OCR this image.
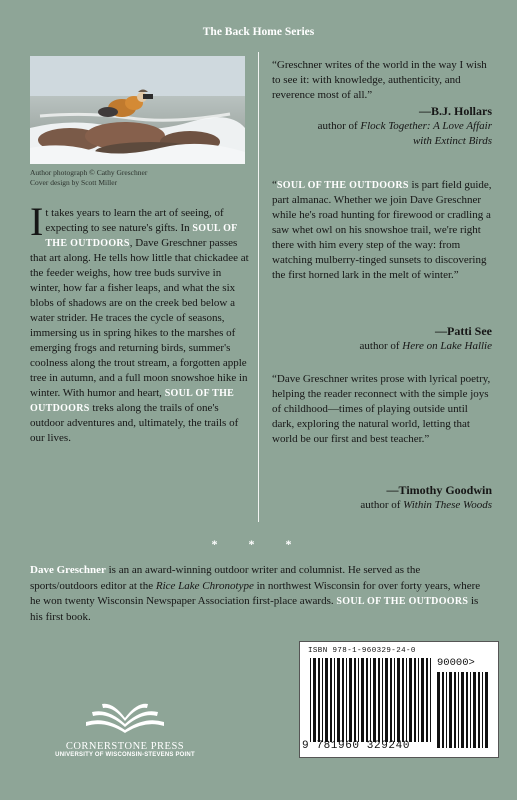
The Back Home Series
Author photograph © Cathy Greschner
Cover design by Scott Miller

It takes years to learn the art of seeing, of expecting to see nature's gifts. In SOUL OF THE OUTDOORS, Dave Greschner passes that art along. He tells how little that chickadee at the feeder weighs, how tree buds survive in winter, how far a fisher leaps, and what the six blobs of shadows are on the creek bed below a water strider. He traces the cycle of seasons, immersing us in spring hikes to the marshes of emerging frogs and returning birds, summer's coolness along the trout stream, a forgotten apple tree in autumn, and a full moon snowshoe hike in winter. With humor and heart, SOUL OF THE OUTDOORS treks along the trails of one's outdoor adventures and, ultimately, the trails of our lives.

“Greschner writes of the world in the way I wish to see it: with knowledge, authenticity, and reverence most of all.”

—B.J. Hollars
author of Flock Together: A Love Affair with Extinct Birds

“SOUL OF THE OUTDOORS is part field guide, part almanac. Whether we join Dave Greschner while he's road hunting for firewood or cradling a saw whet owl on his snowshoe trail, we're right there with him every step of the way: from watching mulberry-tinged sunsets to discovering the first horned lark in the melt of winter.”

—Patti See
author of Here on Lake Hallie

“Dave Greschner writes prose with lyrical poetry, helping the reader reconnect with the simple joys of childhood—times of playing outside until dark, exploring the natural world, letting that world be our first and best teacher.”

—Timothy Goodwin
author of Within These Woods
* * *

Dave Greschner is an an award-winning outdoor writer and columnist. He served as the sports/outdoors editor at the Rice Lake Chronotype in northwest Wisconsin for over forty years, where he won twenty Wisconsin Newspaper Association first-place awards. SOUL OF THE OUTDOORS is his first book.

CORNERSTONE PRESS
UNIVERSITY OF WISCONSIN-STEVENS POINT
ISBN 978-1-960329-24-0
90000>
9 781960 329240
